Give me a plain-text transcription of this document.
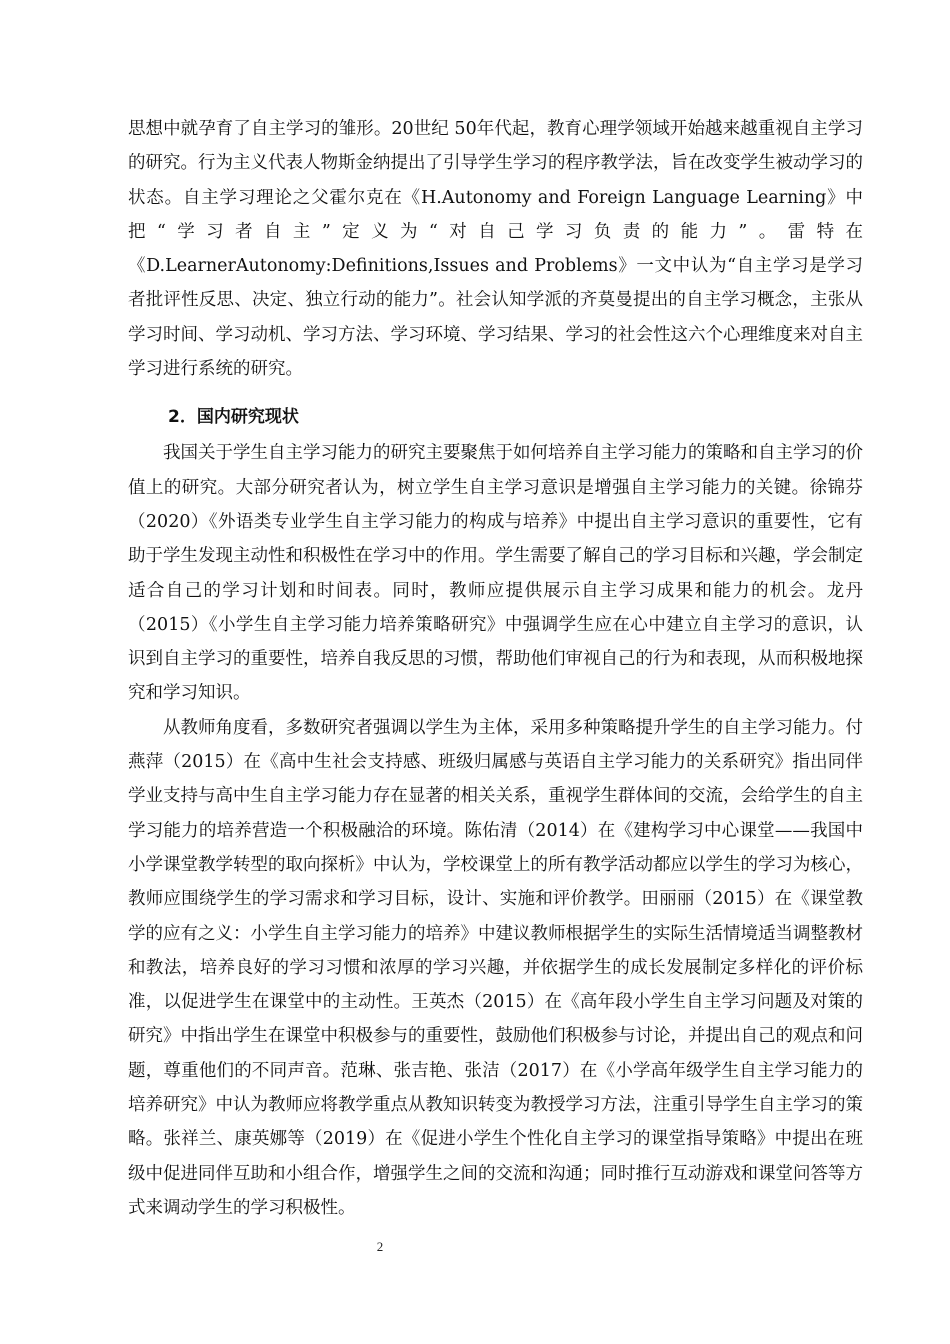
思想中就孕育了自主学习的雏形。20世纪 50年代起，教育心理学领域开始越来越重视自主学习的研究。行为主义代表人物斯金纳提出了引导学生学习的程序教学法，旨在改变学生被动学习的状态。自主学习理论之父霍尔克在《H.Autonomy and Foreign Language Learning》中把“学习者自主”定义为“对自己学习负责的能力”。雷特在《D.LearnerAutonomy:Definitions,Issues and Problems》一文中认为“自主学习是学习者批评性反思、决定、独立行动的能力”。社会认知学派的齐莫曼提出的自主学习概念，主张从学习时间、学习动机、学习方法、学习环境、学习结果、学习的社会性这六个心理维度来对自主学习进行系统的研究。

2．国内研究现状

我国关于学生自主学习能力的研究主要聚焦于如何培养自主学习能力的策略和自主学习的价值上的研究。大部分研究者认为，树立学生自主学习意识是增强自主学习能力的关键。徐锦芬（2020）《外语类专业学生自主学习能力的构成与培养》中提出自主学习意识的重要性，它有助于学生发现主动性和积极性在学习中的作用。学生需要了解自己的学习目标和兴趣，学会制定适合自己的学习计划和时间表。同时，教师应提供展示自主学习成果和能力的机会。龙丹（2015）《小学生自主学习能力培养策略研究》中强调学生应在心中建立自主学习的意识，认识到自主学习的重要性，培养自我反思的习惯，帮助他们审视自己的行为和表现，从而积极地探究和学习知识。

从教师角度看，多数研究者强调以学生为主体，采用多种策略提升学生的自主学习能力。付燕萍（2015）在《高中生社会支持感、班级归属感与英语自主学习能力的关系研究》指出同伴学业支持与高中生自主学习能力存在显著的相关关系，重视学生群体间的交流，会给学生的自主学习能力的培养营造一个积极融洽的环境。陈佑清（2014）在《建构学习中心课堂——我国中小学课堂教学转型的取向探析》中认为，学校课堂上的所有教学活动都应以学生的学习为核心，教师应围绕学生的学习需求和学习目标，设计、实施和评价教学。田丽丽（2015）在《课堂教学的应有之义：小学生自主学习能力的培养》中建议教师根据学生的实际生活情境适当调整教材和教法，培养良好的学习习惯和浓厚的学习兴趣，并依据学生的成长发展制定多样化的评价标准，以促进学生在课堂中的主动性。王英杰（2015）在《高年段小学生自主学习问题及对策的研究》中指出学生在课堂中积极参与的重要性，鼓励他们积极参与讨论，并提出自己的观点和问题，尊重他们的不同声音。范琳、张吉艳、张洁（2017）在《小学高年级学生自主学习能力的培养研究》中认为教师应将教学重点从教知识转变为教授学习方法，注重引导学生自主学习的策略。张祥兰、康英娜等（2019）在《促进小学生个性化自主学习的课堂指导策略》中提出在班级中促进同伴互助和小组合作，增强学生之间的交流和沟通；同时推行互动游戏和课堂问答等方式来调动学生的学习积极性。

2
